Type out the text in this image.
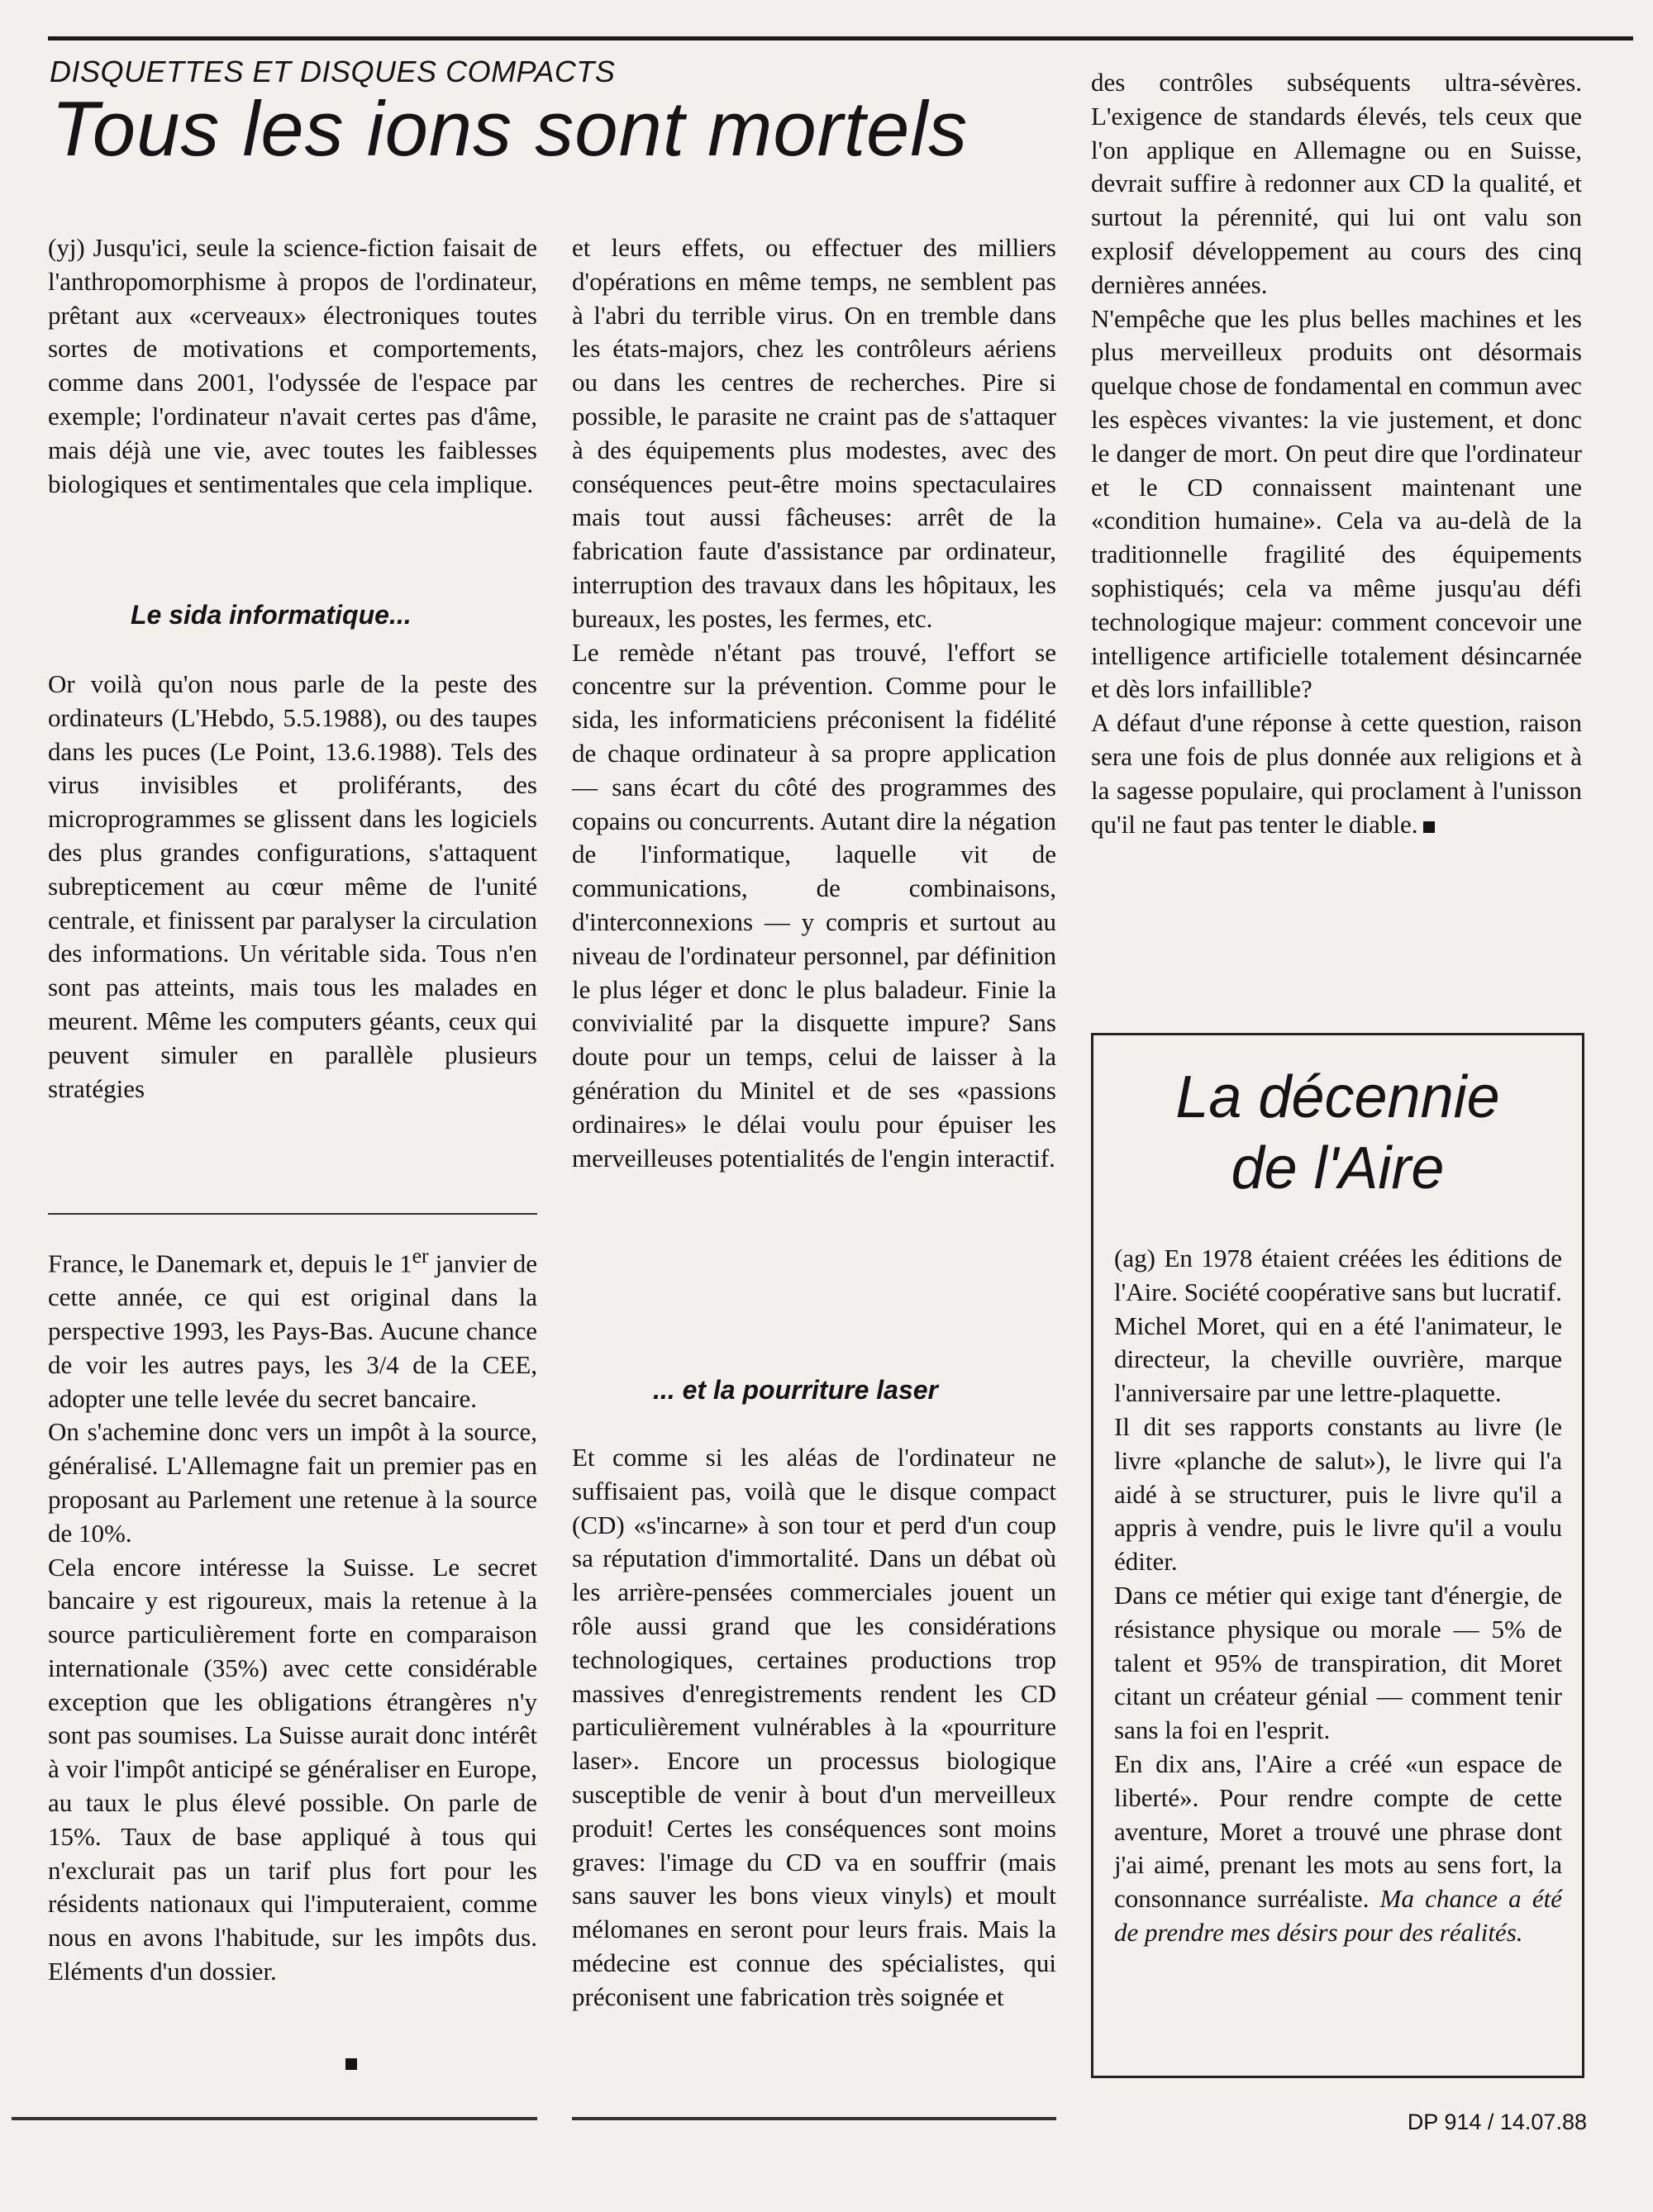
DISQUETTES ET DISQUES COMPACTS
Tous les ions sont mortels

(yj) Jusqu'ici, seule la science-fiction faisait de l'anthropomorphisme à propos de l'ordinateur, prêtant aux «cerveaux» électroniques toutes sortes de motivations et comportements, comme dans 2001, l'odyssée de l'espace par exemple; l'ordinateur n'avait certes pas d'âme, mais déjà une vie, avec toutes les faiblesses biologiques et sentimentales que cela implique.

Le sida informatique...

Or voilà qu'on nous parle de la peste des ordinateurs (L'Hebdo, 5.5.1988), ou des taupes dans les puces (Le Point, 13.6.1988). Tels des virus invisibles et proliférants, des microprogrammes se glissent dans les logiciels des plus grandes configurations, s'attaquent subrepticement au cœur même de l'unité centrale, et finissent par paralyser la circulation des informations. Un véritable sida. Tous n'en sont pas atteints, mais tous les malades en meurent. Même les computers géants, ceux qui peuvent simuler en parallèle plusieurs stratégies

France, le Danemark et, depuis le 1er janvier de cette année, ce qui est original dans la perspective 1993, les Pays-Bas. Aucune chance de voir les autres pays, les 3/4 de la CEE, adopter une telle levée du secret bancaire.

On s'achemine donc vers un impôt à la source, généralisé. L'Allemagne fait un premier pas en proposant au Parlement une retenue à la source de 10%.

Cela encore intéresse la Suisse. Le secret bancaire y est rigoureux, mais la retenue à la source particulièrement forte en comparaison internationale (35%) avec cette considérable exception que les obligations étrangères n'y sont pas soumises. La Suisse aurait donc intérêt à voir l'impôt anticipé se généraliser en Europe, au taux le plus élevé possible. On parle de 15%. Taux de base appliqué à tous qui n'exclurait pas un tarif plus fort pour les résidents nationaux qui l'imputeraient, comme nous en avons l'habitude, sur les impôts dus. Eléments d'un dossier.

et leurs effets, ou effectuer des milliers d'opérations en même temps, ne semblent pas à l'abri du terrible virus. On en tremble dans les états-majors, chez les contrôleurs aériens ou dans les centres de recherches. Pire si possible, le parasite ne craint pas de s'attaquer à des équipements plus modestes, avec des conséquences peut-être moins spectaculaires mais tout aussi fâcheuses: arrêt de la fabrication faute d'assistance par ordinateur, interruption des travaux dans les hôpitaux, les bureaux, les postes, les fermes, etc.

Le remède n'étant pas trouvé, l'effort se concentre sur la prévention. Comme pour le sida, les informaticiens préconisent la fidélité de chaque ordinateur à sa propre application — sans écart du côté des programmes des copains ou concurrents. Autant dire la négation de l'informatique, laquelle vit de communications, de combinaisons, d'interconnexions — y compris et surtout au niveau de l'ordinateur personnel, par définition le plus léger et donc le plus baladeur. Finie la convivialité par la disquette impure? Sans doute pour un temps, celui de laisser à la génération du Minitel et de ses «passions ordinaires» le délai voulu pour épuiser les merveilleuses potentialités de l'engin interactif.

... et la pourriture laser

Et comme si les aléas de l'ordinateur ne suffisaient pas, voilà que le disque compact (CD) «s'incarne» à son tour et perd d'un coup sa réputation d'immortalité. Dans un débat où les arrière-pensées commerciales jouent un rôle aussi grand que les considérations technologiques, certaines productions trop massives d'enregistrements rendent les CD particulièrement vulnérables à la «pourriture laser». Encore un processus biologique susceptible de venir à bout d'un merveilleux produit! Certes les conséquences sont moins graves: l'image du CD va en souffrir (mais sans sauver les bons vieux vinyls) et moult mélomanes en seront pour leurs frais. Mais la médecine est connue des spécialistes, qui préconisent une fabrication très soignée et

des contrôles subséquents ultra-sévères. L'exigence de standards élevés, tels ceux que l'on applique en Allemagne ou en Suisse, devrait suffire à redonner aux CD la qualité, et surtout la pérennité, qui lui ont valu son explosif développement au cours des cinq dernières années.

N'empêche que les plus belles machines et les plus merveilleux produits ont désormais quelque chose de fondamental en commun avec les espèces vivantes: la vie justement, et donc le danger de mort. On peut dire que l'ordinateur et le CD connaissent maintenant une «condition humaine». Cela va au-delà de la traditionnelle fragilité des équipements sophistiqués; cela va même jusqu'au défi technologique majeur: comment concevoir une intelligence artificielle totalement désincarnée et dès lors infaillible?

A défaut d'une réponse à cette question, raison sera une fois de plus donnée aux religions et à la sagesse populaire, qui proclament à l'unisson qu'il ne faut pas tenter le diable.

La décennie
de l'Aire

(ag) En 1978 étaient créées les éditions de l'Aire. Société coopérative sans but lucratif.

Michel Moret, qui en a été l'animateur, le directeur, la cheville ouvrière, marque l'anniversaire par une lettre-plaquette.

Il dit ses rapports constants au livre (le livre «planche de salut»), le livre qui l'a aidé à se structurer, puis le livre qu'il a appris à vendre, puis le livre qu'il a voulu éditer.

Dans ce métier qui exige tant d'énergie, de résistance physique ou morale — 5% de talent et 95% de transpiration, dit Moret citant un créateur génial — comment tenir sans la foi en l'esprit.

En dix ans, l'Aire a créé «un espace de liberté». Pour rendre compte de cette aventure, Moret a trouvé une phrase dont j'ai aimé, prenant les mots au sens fort, la consonnance surréaliste. Ma chance a été de prendre mes désirs pour des réalités.

DP 914 / 14.07.88
